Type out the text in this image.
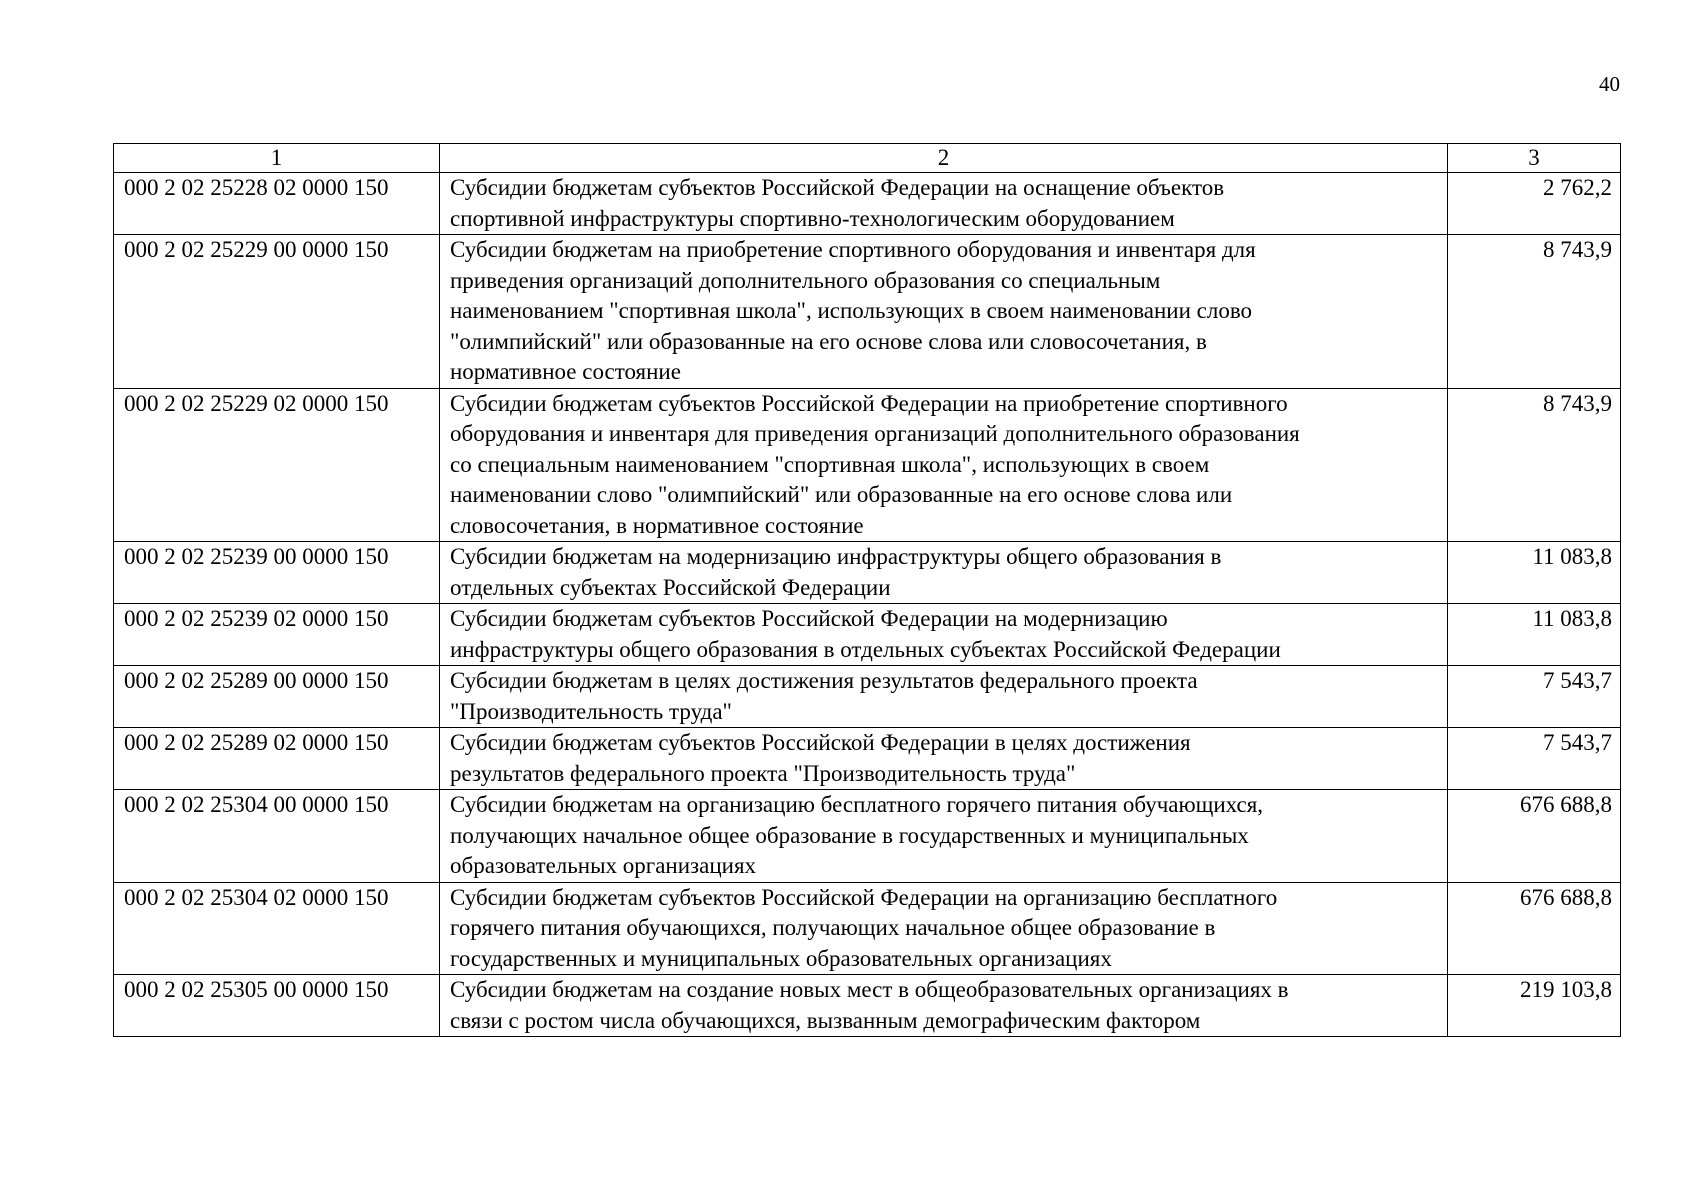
40
1	2	3
000 2 02 25228 02 0000 150	Субсидии бюджетам субъектов Российской Федерации на оснащение объектов
спортивной инфраструктуры спортивно-технологическим оборудованием	2 762,2
000 2 02 25229 00 0000 150	Субсидии бюджетам на приобретение спортивного оборудования и инвентаря для
приведения организаций дополнительного образования со специальным
наименованием "спортивная школа", использующих в своем наименовании слово
"олимпийский" или образованные на его основе слова или словосочетания, в
нормативное состояние	8 743,9
000 2 02 25229 02 0000 150	Субсидии бюджетам субъектов Российской Федерации на приобретение спортивного
оборудования и инвентаря для приведения организаций дополнительного образования
со специальным наименованием "спортивная школа", использующих в своем
наименовании слово "олимпийский" или образованные на его основе слова или
словосочетания, в нормативное состояние	8 743,9
000 2 02 25239 00 0000 150	Субсидии бюджетам на модернизацию инфраструктуры общего образования в
отдельных субъектах Российской Федерации	11 083,8
000 2 02 25239 02 0000 150	Субсидии бюджетам субъектов Российской Федерации на модернизацию
инфраструктуры общего образования в отдельных субъектах Российской Федерации	11 083,8
000 2 02 25289 00 0000 150	Субсидии бюджетам в целях достижения результатов федерального проекта
"Производительность труда"	7 543,7
000 2 02 25289 02 0000 150	Субсидии бюджетам субъектов Российской Федерации в целях достижения
результатов федерального проекта "Производительность труда"	7 543,7
000 2 02 25304 00 0000 150	Субсидии бюджетам на организацию бесплатного горячего питания обучающихся,
получающих начальное общее образование в государственных и муниципальных
образовательных организациях	676 688,8
000 2 02 25304 02 0000 150	Субсидии бюджетам субъектов Российской Федерации на организацию бесплатного
горячего питания обучающихся, получающих начальное общее образование в
государственных и муниципальных образовательных организациях	676 688,8
000 2 02 25305 00 0000 150	Субсидии бюджетам на создание новых мест в общеобразовательных организациях в
связи с ростом числа обучающихся, вызванным демографическим фактором	219 103,8
